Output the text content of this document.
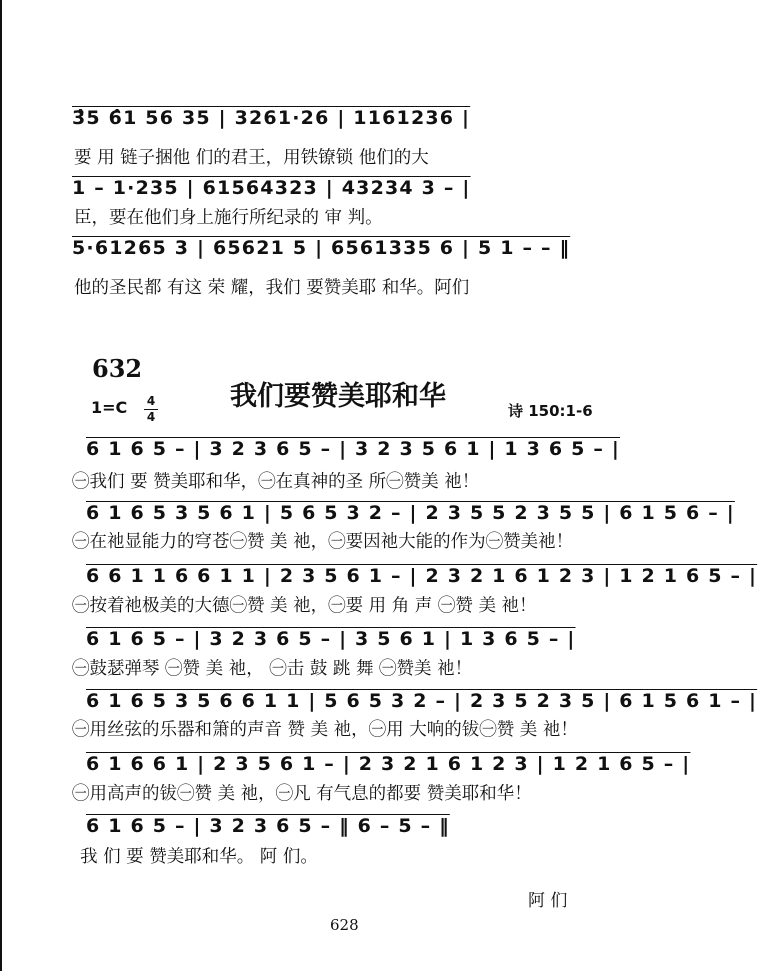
3̂5 6̂1 56 35 | 3261·26 | 1161236 |
要 用 链子捆他 们的君王，用铁镣锁 他们的大
1 – 1·235 | 61564323 | 43234 3 – |
臣，要在他们身上施行所纪录的 审 判。
5·61265 3 | 65621 5 | 6561335 6 | 5 1 – – ‖
他的圣民都 有这 荣 耀，我们 要赞美耶 和华。阿们
632
我们要赞美耶和华
1=C 4
4	诗 150:1-6
6 1 6 5 – | 3 2 3 6 5 – | 3 2 3 5 6 1 | 1 3 6 5 – |
㊀我们 要 赞美耶和华，㊀在真神的圣 所㊀赞美 祂！
6 1 6 5 3 5 6 1 | 5 6 5 3 2 – | 2 3 5 5 2 3 5 5 | 6 1 5 6 – |
㊀在祂显能力的穹苍㊀赞 美 祂，㊀要因祂大能的作为㊀赞美祂！
6 6 1 1 6 6 1 1 | 2 3 5 6 1 – | 2 3 2 1 6 1 2 3 | 1 2 1 6 5 – |
㊀按着祂极美的大德㊀赞 美 祂，㊀要 用 角 声 ㊀赞 美 祂！
6 1 6 5 – | 3 2 3 6 5 – | 3 5 6 1 | 1 3 6 5 – |
㊀鼓瑟弹琴 ㊀赞 美 祂， ㊀击 鼓 跳 舞 ㊀赞美 祂！
6 1 6 5 3 5 6 6 1 1 | 5 6 5 3 2 – | 2 3 5 2 3 5 | 6 1 5 6 1 – |
㊀用丝弦的乐器和箫的声音 赞 美 祂，㊀用 大响的钹㊀赞 美 祂！
6 1 6 6 1 | 2 3 5 6 1 – | 2 3 2 1 6 1 2 3 | 1 2 1 6 5 – |
㊀用高声的钹㊀赞 美 祂，㊀凡 有气息的都要 赞美耶和华！
6 1 6 5 – | 3 2 3 6 5 – ‖ 6 – 5 – ‖
我 们 要 赞美耶和华。 阿 们。
阿 们
628
